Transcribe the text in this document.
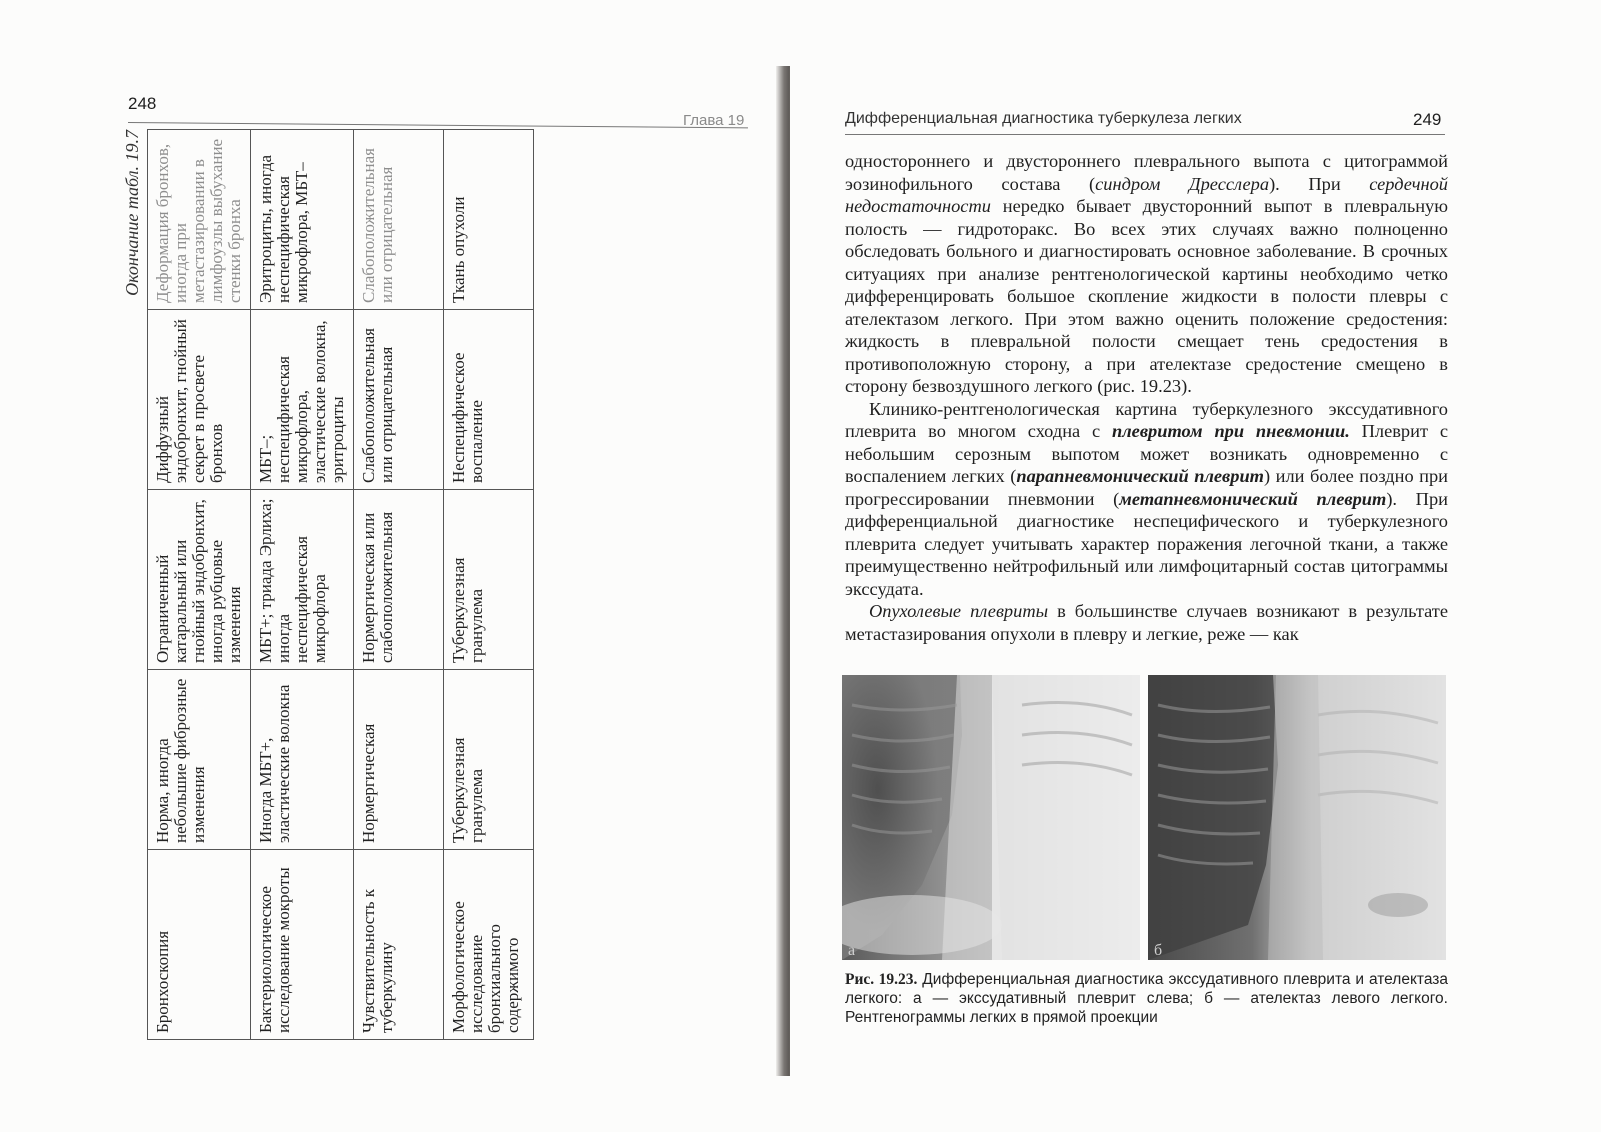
248
Глава 19
Окончание табл. 19.7
Бронхоскопия	Норма, иногда небольшие фиброзные изменения	Ограниченный катаральный или гнойный эндобронхит, иногда рубцовые изменения	Диффузный эндобронхит, гнойный секрет в просвете бронхов	Деформация бронхов, иногда при метастазировании в лимфоузлы выбухание стенки бронха
Бактериологическое исследование мокроты	Иногда МБТ+, эластические волокна	МБТ+; триада Эрлиха; иногда неспецифическая микрофлора	МБТ–; неспецифическая микрофлора, эластические волокна, эритроциты	Эритроциты, иногда неспецифическая микрофлора, МБТ–
Чувствительность к туберкулину	Нормергическая	Нормергическая или слабоположительная	Слабоположительная или отрицательная	Слабоположительная или отрицательная
Морфологическое исследование бронхиального содержимого	Туберкулезная гранулема	Туберкулезная гранулема	Неспецифическое воспаление	Ткань опухоли
Дифференциальная диагностика туберкулеза легких	249

одностороннего и двустороннего плеврального выпота с цитограммой эозинофильного состава (синдром Дресслера). При сердечной недостаточности нередко бывает двусторонний выпот в плевральную полость — гидроторакс. Во всех этих случаях важно полноценно обследовать больного и диагностировать основное заболевание. В срочных ситуациях при анализе рентгенологической картины необходимо четко дифференцировать большое скопление жидкости в полости плевры с ателектазом легкого. При этом важно оценить положение средостения: жидкость в плевральной полости смещает тень средостения в противоположную сторону, а при ателектазе средостение смещено в сторону безвоздушного легкого (рис. 19.23).

Клинико-рентгенологическая картина туберкулезного экссудативного плеврита во многом сходна с плевритом при пневмонии. Плеврит с небольшим серозным выпотом может возникать одновременно с воспалением легких (парапневмонический плеврит) или более поздно при прогрессировании пневмонии (метапневмонический плеврит). При дифференциальной диагностике неспецифического и туберкулезного плеврита следует учитывать характер поражения легочной ткани, а также преимущественно нейтрофильный или лимфоцитарный состав цитограммы экссудата.

Опухолевые плевриты в большинстве случаев возникают в результате метастазирования опухоли в плевру и легкие, реже — как

а	б
Рис. 19.23. Дифференциальная диагностика экссудативного плеврита и ателектаза легкого: а — экссудативный плеврит слева; б — ателектаз левого легкого. Рентгенограммы легких в прямой проекции
